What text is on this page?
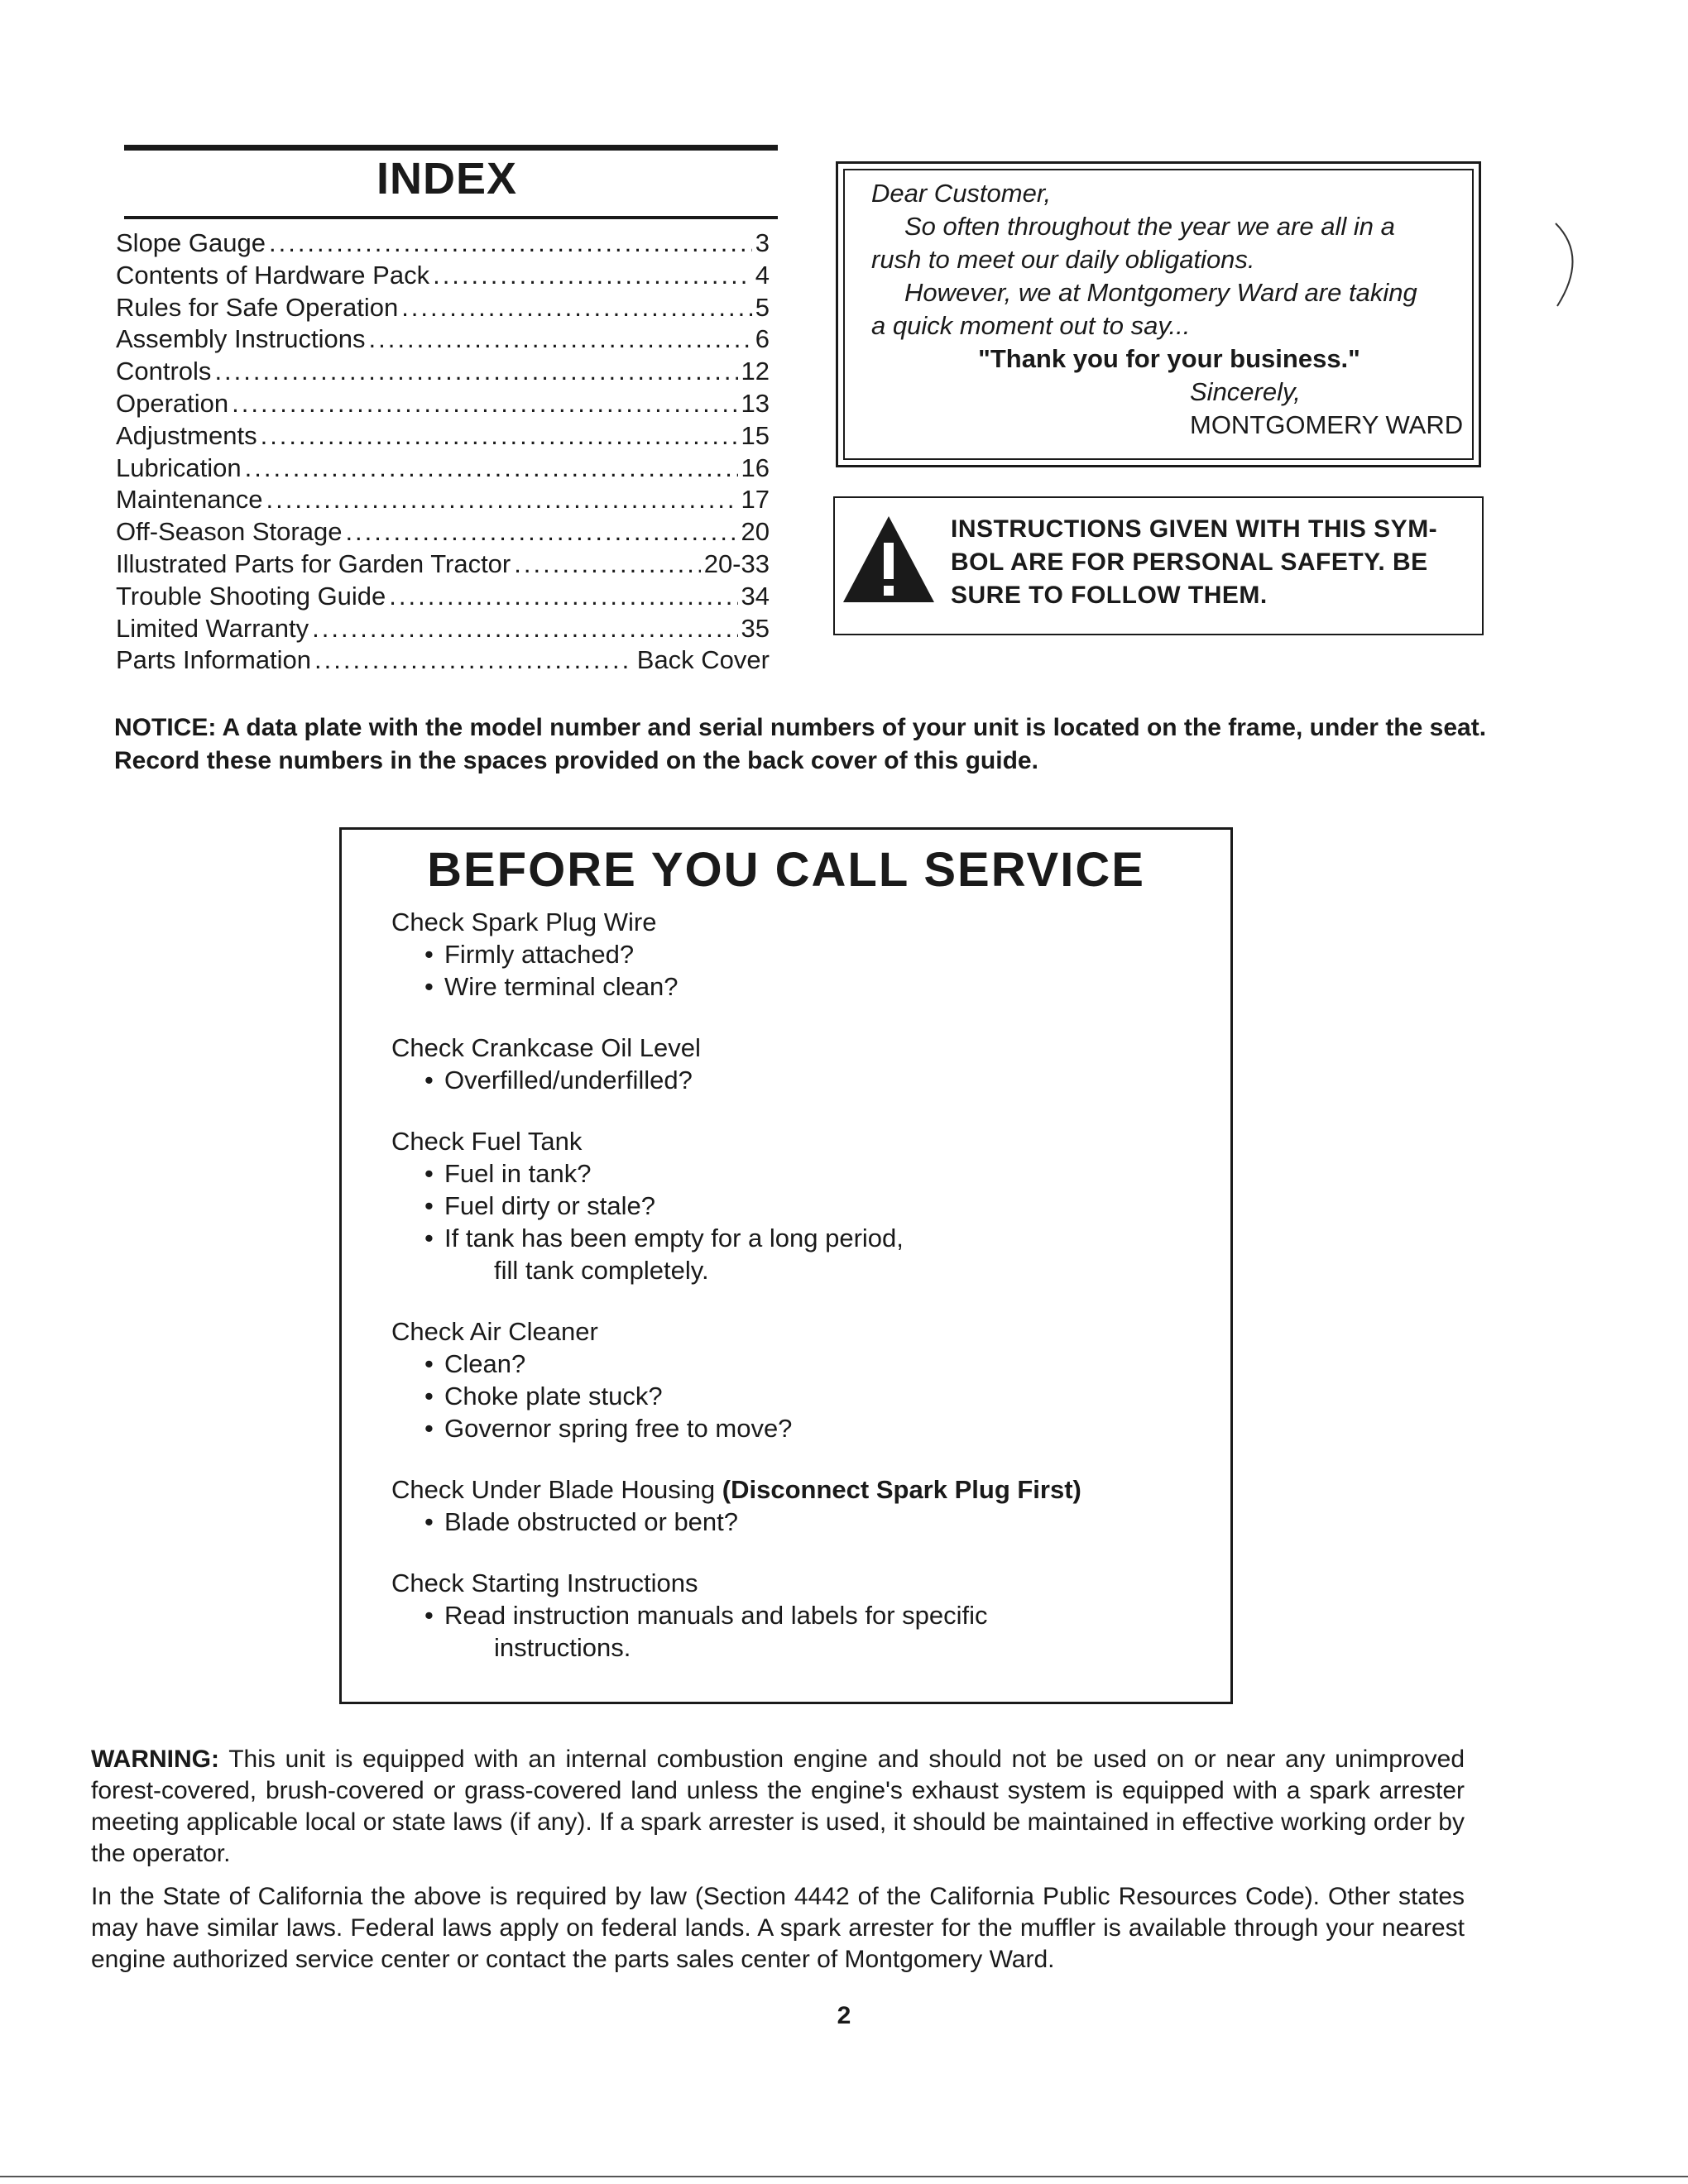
INDEX
Slope Gauge .....	3
Contents of Hardware Pack .....	4
Rules for Safe Operation .....	5
Assembly Instructions .....	6
Controls .....	12
Operation .....	13
Adjustments .....	15
Lubrication .....	16
Maintenance .....	17
Off-Season Storage .....	20
Illustrated Parts for Garden Tractor .....	20-33
Trouble Shooting Guide .....	34
Limited Warranty .....	35
Parts Information .....	Back Cover
Dear Customer,
So often throughout the year we are all in a
rush to meet our daily obligations.
However, we at Montgomery Ward are taking
a quick moment out to say...
"Thank you for your business."
Sincerely,
MONTGOMERY WARD
INSTRUCTIONS GIVEN WITH THIS SYM-
BOL ARE FOR PERSONAL SAFETY. BE
SURE TO FOLLOW THEM.
NOTICE: A data plate with the model number and serial numbers of your unit is located on the frame, under the seat. Record these numbers in the spaces provided on the back cover of this guide.
BEFORE YOU CALL SERVICE
Check Spark Plug Wire
• Firmly attached?
• Wire terminal clean?
Check Crankcase Oil Level
• Overfilled/underfilled?
Check Fuel Tank
• Fuel in tank?
• Fuel dirty or stale?
• If tank has been empty for a long period,
fill tank completely.
Check Air Cleaner
• Clean?
• Choke plate stuck?
• Governor spring free to move?
Check Under Blade Housing (Disconnect Spark Plug First)
• Blade obstructed or bent?
Check Starting Instructions
• Read instruction manuals and labels for specific
instructions.

WARNING: This unit is equipped with an internal combustion engine and should not be used on or near any unimproved forest-covered, brush-covered or grass-covered land unless the engine's exhaust system is equipped with a spark arrester meeting applicable local or state laws (if any). If a spark arrester is used, it should be maintained in effective working order by the operator.

In the State of California the above is required by law (Section 4442 of the California Public Resources Code). Other states may have similar laws. Federal laws apply on federal lands. A spark arrester for the muffler is available through your nearest engine authorized service center or contact the parts sales center of Montgomery Ward.

2
